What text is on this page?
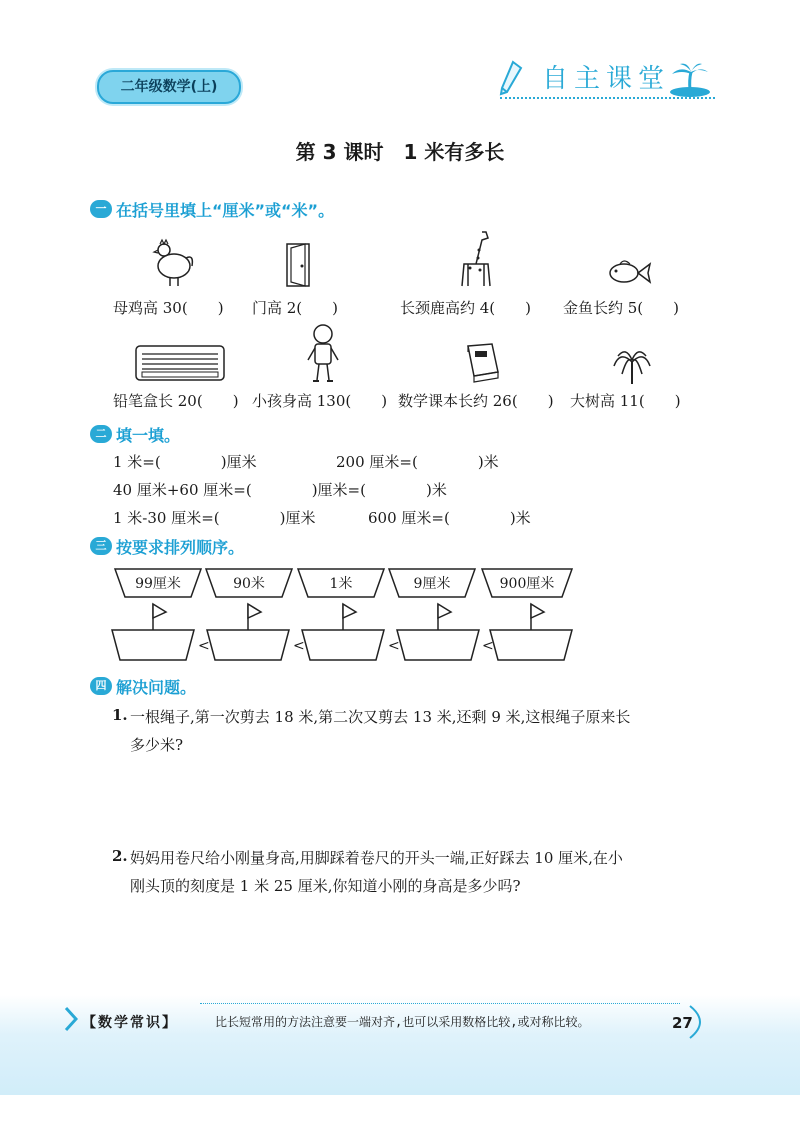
二年级数学(上)	自主课堂
第 3 课时　1 米有多长
一 在括号里填上“厘米”或“米”。
母鸡高 30(　　) 门高 2(　　)	长颈鹿高约 4(　　) 金鱼长约 5(　　)
铅笔盒长 20(　　) 小孩身高 130(　　) 数学课本长约 26(　　) 大树高 11(　　)
二 填一填。
1 米=(　　　　)厘米	200 厘米=(　　　　)米
40 厘米+60 厘米=(　　　　)厘米=(　　　　)米
1 米-30 厘米=(　　　　)厘米	600 厘米=(　　　　)米
三 按要求排列顺序。
99厘米	90米	1米	9厘米	900厘米
<	<	<	<
四 解决问题。
1. 一根绳子,第一次剪去 18 米,第二次又剪去 13 米,还剩 9 米,这根绳子原来长
多少米?
2. 妈妈用卷尺给小刚量身高,用脚踩着卷尺的开头一端,正好踩去 10 厘米,在小
刚头顶的刻度是 1 米 25 厘米,你知道小刚的身高是多少吗?
【数学常识】	比长短常用的方法注意要一端对齐,也可以采用数格比较,或对称比较。	27
